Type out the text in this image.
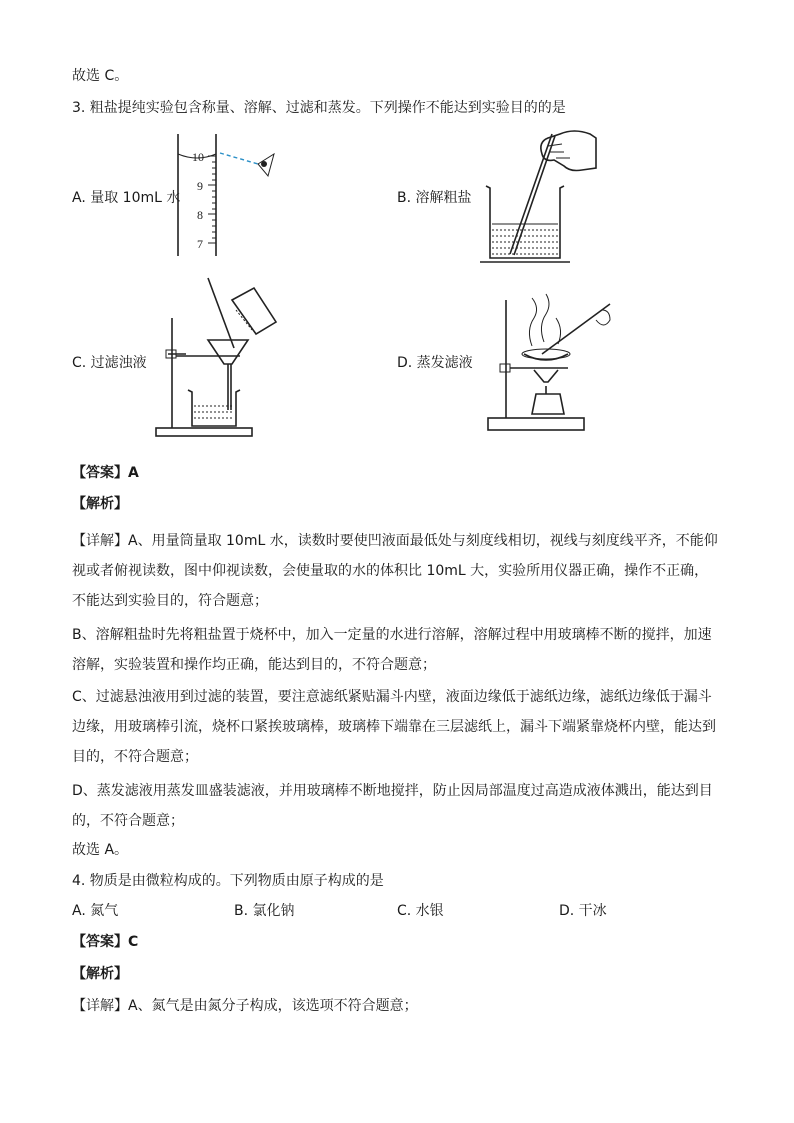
故选 C。
3. 粗盐提纯实验包含称量、溶解、过滤和蒸发。下列操作不能达到实验目的的是
A. 量取 10mL 水
10
9
8
7
B. 溶解粗盐
C. 过滤浊液	D. 蒸发滤液
【答案】A
【解析】
【详解】A、用量筒量取 10mL 水，读数时要使凹液面最低处与刻度线相切，视线与刻度线平齐，不能仰视或者俯视读数，图中仰视读数，会使量取的水的体积比 10mL 大，实验所用仪器正确，操作不正确，不能达到实验目的，符合题意；
B、溶解粗盐时先将粗盐置于烧杯中，加入一定量的水进行溶解，溶解过程中用玻璃棒不断的搅拌，加速溶解，实验装置和操作均正确，能达到目的，不符合题意；
C、过滤悬浊液用到过滤的装置，要注意滤纸紧贴漏斗内壁，液面边缘低于滤纸边缘，滤纸边缘低于漏斗边缘，用玻璃棒引流，烧杯口紧挨玻璃棒，玻璃棒下端靠在三层滤纸上，漏斗下端紧靠烧杯内壁，能达到目的，不符合题意；
D、蒸发滤液用蒸发皿盛装滤液，并用玻璃棒不断地搅拌，防止因局部温度过高造成液体溅出，能达到目的，不符合题意；
故选 A。
4. 物质是由微粒构成的。下列物质由原子构成的是
A. 氮气	B. 氯化钠	C. 水银	D. 干冰
【答案】C
【解析】
【详解】A、氮气是由氮分子构成，该选项不符合题意；
